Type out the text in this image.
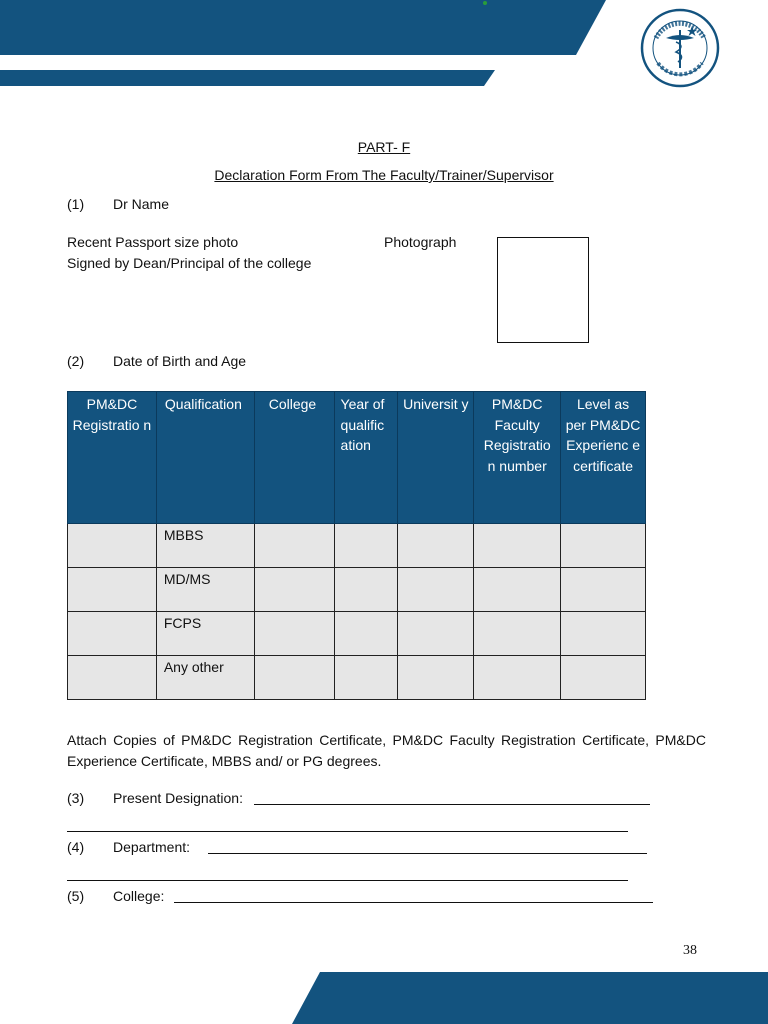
PART- F
Declaration Form From The Faculty/Trainer/Supervisor
(1) Dr Name
Recent Passport size photo
Signed by Dean/Principal of the college
Photograph
(2) Date of Birth and Age
PM&DC Registratio n	Qualification	College	Year of qualific ation	Universit y	PM&DC Faculty Registratio n number	Level as per PM&DC Experienc e certificate
	MBBS					
	MD/MS					
	FCPS					
	Any other					
Attach Copies of PM&DC Registration Certificate, PM&DC Faculty Registration Certificate, PM&DC Experience Certificate, MBBS and/ or PG degrees.
(3) Present Designation:
(4) Department:
(5) College:
38
